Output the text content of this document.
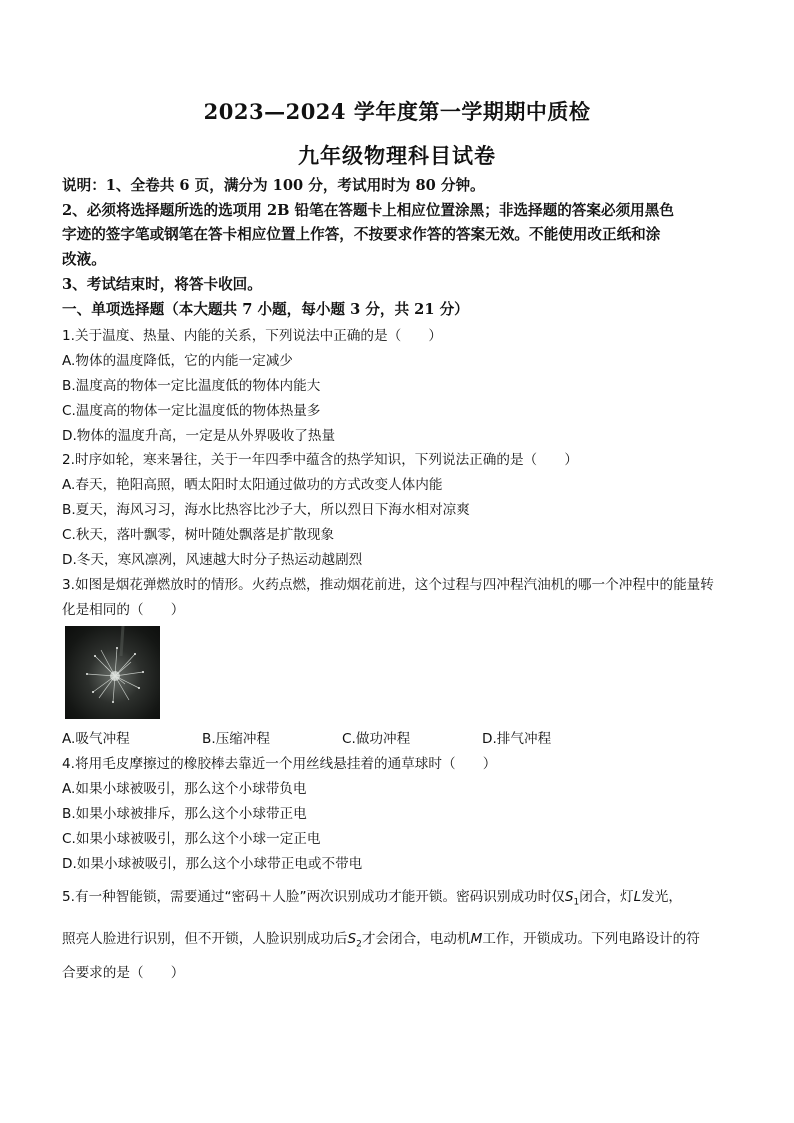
2023—2024 学年度第一学期期中质检
九年级物理科目试卷
说明：1、全卷共 6 页，满分为 100 分，考试用时为 80 分钟。
2、必须将选择题所选的选项用 2B 铅笔在答题卡上相应位置涂黑；非选择题的答案必须用黑色
字迹的签字笔或钢笔在答卡相应位置上作答，不按要求作答的答案无效。不能使用改正纸和涂
改液。
3、考试结束时，将答卡收回。
一、单项选择题（本大题共 7 小题，每小题 3 分，共 21 分）
1.关于温度、热量、内能的关系，下列说法中正确的是（　　）
A.物体的温度降低，它的内能一定减少
B.温度高的物体一定比温度低的物体内能大
C.温度高的物体一定比温度低的物体热量多
D.物体的温度升高，一定是从外界吸收了热量
2.时序如轮，寒来暑往，关于一年四季中蕴含的热学知识，下列说法正确的是（　　）
A.春天，艳阳高照，晒太阳时太阳通过做功的方式改变人体内能
B.夏天，海风习习，海水比热容比沙子大，所以烈日下海水相对凉爽
C.秋天，落叶飘零，树叶随处飘落是扩散现象
D.冬天，寒风凛冽，风速越大时分子热运动越剧烈
3.如图是烟花弹燃放时的情形。火药点燃，推动烟花前进，这个过程与四冲程汽油机的哪一个冲程中的能量转
化是相同的（　　）
A.吸气冲程	B.压缩冲程	C.做功冲程	D.排气冲程
4.将用毛皮摩擦过的橡胶棒去靠近一个用丝线悬挂着的通草球时（　　）
A.如果小球被吸引，那么这个小球带负电
B.如果小球被排斥，那么这个小球带正电
C.如果小球被吸引，那么这个小球一定正电
D.如果小球被吸引，那么这个小球带正电或不带电
5.有一种智能锁，需要通过“密码＋人脸”两次识别成功才能开锁。密码识别成功时仅$S_1$闭合，灯L发光，
照亮人脸进行识别，但不开锁，人脸识别成功后$S_2$才会闭合，电动机M工作，开锁成功。下列电路设计的符
合要求的是（　　）
